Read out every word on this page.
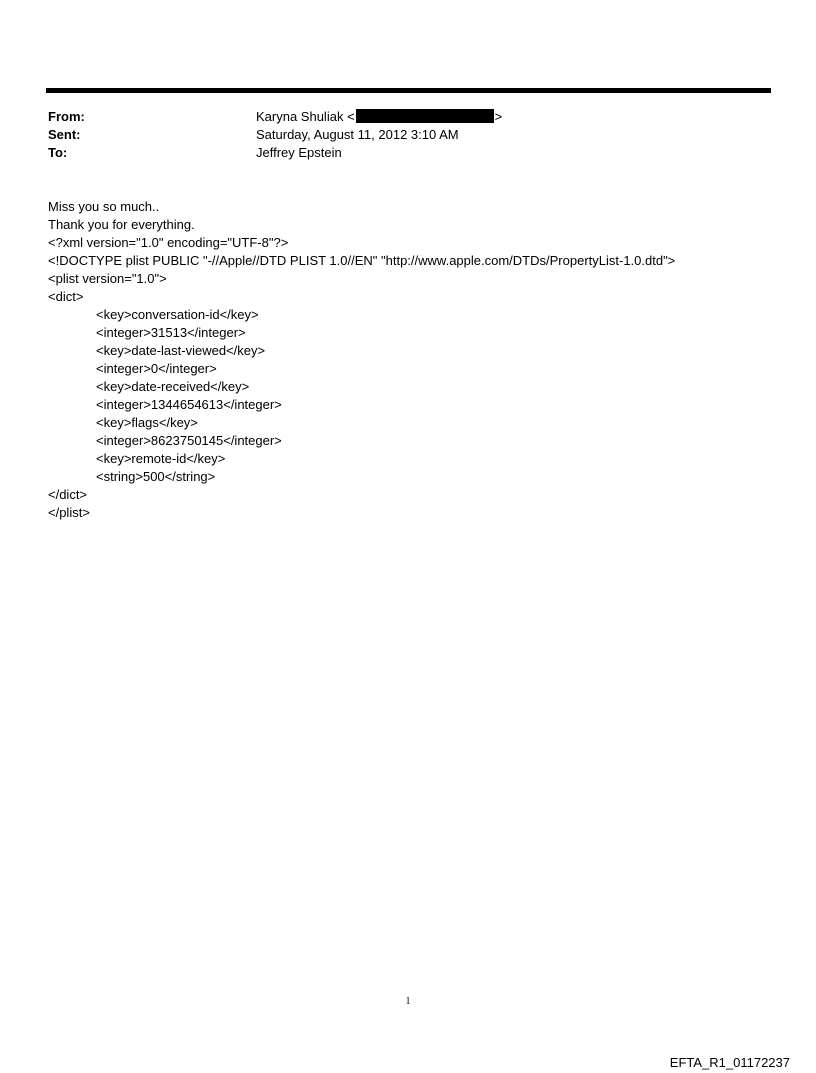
From:	Karyna Shuliak <	>
Sent:	Saturday, August 11, 2012 3:10 AM
To:	Jeffrey Epstein
Miss you so much..
Thank you for everything.
<?xml version="1.0" encoding="UTF-8"?>
<!DOCTYPE plist PUBLIC "-//Apple//DTD PLIST 1.0//EN" "http://www.apple.com/DTDs/PropertyList-1.0.dtd">
<plist version="1.0">
<dict>
<key>conversation-id</key>
<integer>31513</integer>
<key>date-last-viewed</key>
<integer>0</integer>
<key>date-received</key>
<integer>1344654613</integer>
<key>flags</key>
<integer>8623750145</integer>
<key>remote-id</key>
<string>500</string>
</dict>
</plist>
1
EFTA_R1_01172237
